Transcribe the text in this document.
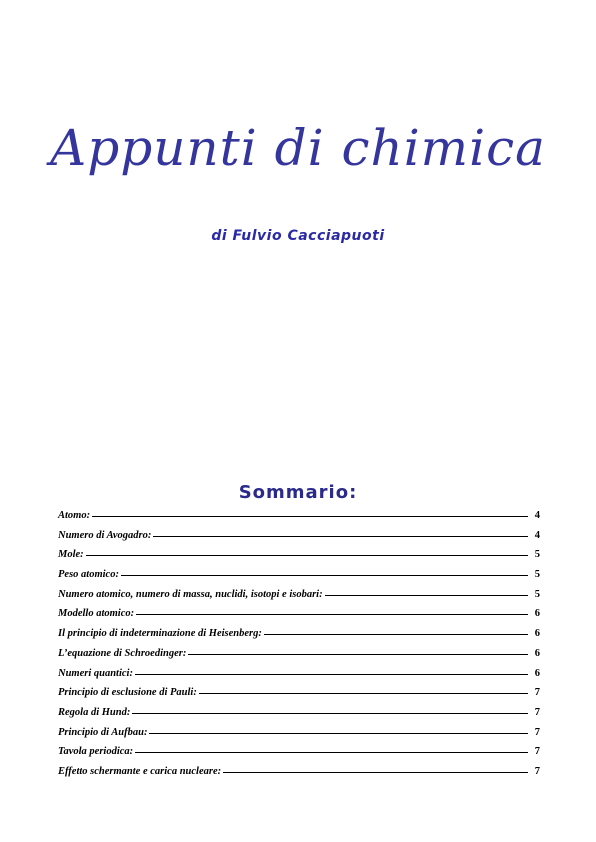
Appunti di chimica
di Fulvio Cacciapuoti
Sommario:
Atomo:	4
Numero di Avogadro:	4
Mole:	5
Peso atomico:	5
Numero atomico, numero di massa, nuclidi, isotopi e isobari:	5
Modello atomico:	6
Il principio di indeterminazione di Heisenberg:	6
L’equazione di Schroedinger:	6
Numeri quantici:	6
Principio di esclusione di Pauli:	7
Regola di Hund:	7
Principio di Aufbau:	7
Tavola periodica:	7
Effetto schermante e carica nucleare:	7
